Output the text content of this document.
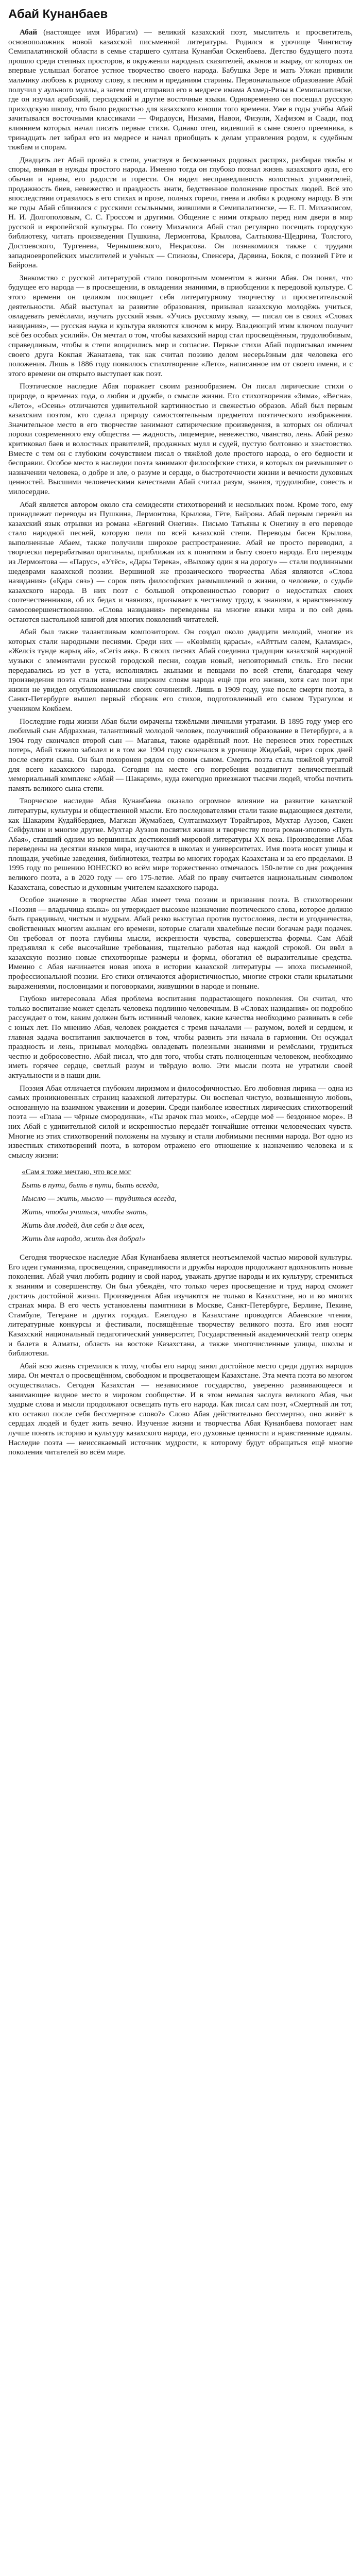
Абай Кунанбаев

Абай (настоящее имя Ибрагим) — великий казахский поэт, мыслитель и просветитель, основоположник новой казахской письменной литературы. Родился в урочище Чингистау Семипалатинской области в семье старшего султана Кунанбая Оскенбаева. Детство будущего поэта прошло среди степных просторов, в окружении народных сказителей, акынов и жырау, от которых он впервые услышал богатое устное творчество своего народа. Бабушка Зере и мать Улжан привили мальчику любовь к родному слову, к песням и преданиям старины. Первоначальное образование Абай получил у аульного муллы, а затем отец отправил его в медресе имама Ахмед-Ризы в Семипалатинске, где он изучал арабский, персидский и другие восточные языки. Одновременно он посещал русскую приходскую школу, что было редкостью для казахского юноши того времени. Уже в годы учёбы Абай зачитывался восточными классиками — Фирдоуси, Низами, Навои, Физули, Хафизом и Саади, под влиянием которых начал писать первые стихи. Однако отец, видевший в сыне своего преемника, в тринадцать лет забрал его из медресе и начал приобщать к делам управления родом, к судебным тяжбам и спорам.

Двадцать лет Абай провёл в степи, участвуя в бесконечных родовых распрях, разбирая тяжбы и споры, вникая в нужды простого народа. Именно тогда он глубоко познал жизнь казахского аула, его обычаи и нравы, его радости и горести. Он видел несправедливость волостных управителей, продажность биев, невежество и праздность знати, бедственное положение простых людей. Всё это впоследствии отразилось в его стихах и прозе, полных горечи, гнева и любви к родному народу. В эти же годы Абай сблизился с русскими ссыльными, жившими в Семипалатинске, — Е. П. Михаэлисом, Н. И. Долгополовым, С. С. Гроссом и другими. Общение с ними открыло перед ним двери в мир русской и европейской культуры. По совету Михаэлиса Абай стал регулярно посещать городскую библиотеку, читать произведения Пушкина, Лермонтова, Крылова, Салтыкова-Щедрина, Толстого, Достоевского, Тургенева, Чернышевского, Некрасова. Он познакомился также с трудами западноевропейских мыслителей и учёных — Спинозы, Спенсера, Дарвина, Бокля, с поэзией Гёте и Байрона.

Знакомство с русской литературой стало поворотным моментом в жизни Абая. Он понял, что будущее его народа — в просвещении, в овладении знаниями, в приобщении к передовой культуре. С этого времени он целиком посвящает себя литературному творчеству и просветительской деятельности. Абай выступал за развитие образования, призывал казахскую молодёжь учиться, овладевать ремёслами, изучать русский язык. «Учись русскому языку, — писал он в своих «Словах назидания», — русская наука и культура являются ключом к миру. Владеющий этим ключом получит всё без особых усилий». Он мечтал о том, чтобы казахский народ стал просвещённым, трудолюбивым, справедливым, чтобы в степи воцарились мир и согласие. Первые стихи Абай подписывал именем своего друга Кокпая Жанатаева, так как считал поэзию делом несерьёзным для человека его положения. Лишь в 1886 году появилось стихотворение «Лето», написанное им от своего имени, и с этого времени он открыто выступает как поэт.

Поэтическое наследие Абая поражает своим разнообразием. Он писал лирические стихи о природе, о временах года, о любви и дружбе, о смысле жизни. Его стихотворения «Зима», «Весна», «Лето», «Осень» отличаются удивительной картинностью и свежестью образов. Абай был первым казахским поэтом, кто сделал природу самостоятельным предметом поэтического изображения. Значительное место в его творчестве занимают сатирические произведения, в которых он обличал пороки современного ему общества — жадность, лицемерие, невежество, чванство, лень. Абай резко критиковал баев и волостных правителей, продажных мулл и судей, пустую болтовню и хвастовство. Вместе с тем он с глубоким сочувствием писал о тяжёлой доле простого народа, о его бедности и бесправии. Особое место в наследии поэта занимают философские стихи, в которых он размышляет о назначении человека, о добре и зле, о разуме и сердце, о быстротечности жизни и вечности духовных ценностей. Высшими человеческими качествами Абай считал разум, знания, трудолюбие, совесть и милосердие.

Абай является автором около ста семидесяти стихотворений и нескольких поэм. Кроме того, ему принадлежат переводы из Пушкина, Лермонтова, Крылова, Гёте, Байрона. Абай первым перевёл на казахский язык отрывки из романа «Евгений Онегин». Письмо Татьяны к Онегину в его переводе стало народной песней, которую пели по всей казахской степи. Переводы басен Крылова, выполненные Абаем, также получили широкое распространение. Абай не просто переводил, а творчески перерабатывал оригиналы, приближая их к понятиям и быту своего народа. Его переводы из Лермонтова — «Парус», «Утёс», «Дары Терека», «Выхожу один я на дорогу» — стали подлинными шедеврами казахской поэзии. Вершиной же прозаического творчества Абая являются «Слова назидания» («Қара сөз») — сорок пять философских размышлений о жизни, о человеке, о судьбе казахского народа. В них поэт с большой откровенностью говорит о недостатках своих соотечественников, об их бедах и чаяниях, призывает к честному труду, к знаниям, к нравственному самосовершенствованию. «Слова назидания» переведены на многие языки мира и по сей день остаются настольной книгой для многих поколений читателей.

Абай был также талантливым композитором. Он создал около двадцати мелодий, многие из которых стали народными песнями. Среди них — «Көзімнің қарасы», «Айттым сәлем, Қаламқас», «Желсіз түнде жарық ай», «Сегіз аяқ». В своих песнях Абай соединил традиции казахской народной музыки с элементами русской городской песни, создав новый, неповторимый стиль. Его песни передавались из уст в уста, исполнялись акынами и певцами по всей степи, благодаря чему произведения поэта стали известны широким слоям народа ещё при его жизни, хотя сам поэт при жизни не увидел опубликованными своих сочинений. Лишь в 1909 году, уже после смерти поэта, в Санкт-Петербурге вышел первый сборник его стихов, подготовленный его сыном Турагулом и учеником Кокбаем.

Последние годы жизни Абая были омрачены тяжёлыми личными утратами. В 1895 году умер его любимый сын Абдрахман, талантливый молодой человек, получивший образование в Петербурге, а в 1904 году скончался второй сын — Магавья, также одарённый поэт. Не перенеся этих горестных потерь, Абай тяжело заболел и в том же 1904 году скончался в урочище Жидебай, через сорок дней после смерти сына. Он был похоронен рядом со своим сыном. Смерть поэта стала тяжёлой утратой для всего казахского народа. Сегодня на месте его погребения воздвигнут величественный мемориальный комплекс «Абай — Шакарим», куда ежегодно приезжают тысячи людей, чтобы почтить память великого сына степи.

Творческое наследие Абая Кунанбаева оказало огромное влияние на развитие казахской литературы, культуры и общественной мысли. Его последователями стали такие выдающиеся деятели, как Шакарим Кудайбердиев, Магжан Жумабаев, Султанмахмут Торайгыров, Мухтар Ауэзов, Сакен Сейфуллин и многие другие. Мухтар Ауэзов посвятил жизни и творчеству поэта роман-эпопею «Путь Абая», ставший одним из вершинных достижений мировой литературы XX века. Произведения Абая переведены на десятки языков мира, изучаются в школах и университетах. Имя поэта носят улицы и площади, учебные заведения, библиотеки, театры во многих городах Казахстана и за его пределами. В 1995 году по решению ЮНЕСКО во всём мире торжественно отмечалось 150-летие со дня рождения великого поэта, а в 2020 году — его 175-летие. Абай по праву считается национальным символом Казахстана, совестью и духовным учителем казахского народа.

Особое значение в творчестве Абая имеет тема поэзии и призвания поэта. В стихотворении «Поэзия — владычица языка» он утверждает высокое назначение поэтического слова, которое должно быть правдивым, чистым и мудрым. Абай резко выступал против пустословия, лести и угодничества, свойственных многим акынам его времени, которые слагали хвалебные песни богачам ради подачек. Он требовал от поэта глубины мысли, искренности чувства, совершенства формы. Сам Абай предъявлял к себе высочайшие требования, тщательно работая над каждой строкой. Он ввёл в казахскую поэзию новые стихотворные размеры и формы, обогатил её выразительные средства. Именно с Абая начинается новая эпоха в истории казахской литературы — эпоха письменной, профессиональной поэзии. Его стихи отличаются афористичностью, многие строки стали крылатыми выражениями, пословицами и поговорками, живущими в народе и поныне.

Глубоко интересовала Абая проблема воспитания подрастающего поколения. Он считал, что только воспитание может сделать человека подлинно человечным. В «Словах назидания» он подробно рассуждает о том, каким должен быть истинный человек, какие качества необходимо развивать в себе с юных лет. По мнению Абая, человек рождается с тремя началами — разумом, волей и сердцем, и главная задача воспитания заключается в том, чтобы развить эти начала в гармонии. Он осуждал праздность и лень, призывал молодёжь овладевать полезными знаниями и ремёслами, трудиться честно и добросовестно. Абай писал, что для того, чтобы стать полноценным человеком, необходимо иметь горячее сердце, светлый разум и твёрдую волю. Эти мысли поэта не утратили своей актуальности и в наши дни.

Поэзия Абая отличается глубоким лиризмом и философичностью. Его любовная лирика — одна из самых проникновенных страниц казахской литературы. Он воспевал чистую, возвышенную любовь, основанную на взаимном уважении и доверии. Среди наиболее известных лирических стихотворений поэта — «Глаза — чёрные смородинки», «Ты зрачок глаз моих», «Сердце моё — бездонное море». В них Абай с удивительной силой и искренностью передаёт тончайшие оттенки человеческих чувств. Многие из этих стихотворений положены на музыку и стали любимыми песнями народа. Вот одно из известных стихотворений поэта, в котором отражено его отношение к назначению человека и к смыслу жизни:

«Сам я тоже мечтаю, что все мог
Быть в пути, быть в пути, быть всегда,
Мыслю — жить, мыслю — трудиться всегда,
Жить, чтобы учиться, чтобы знать,
Жить для людей, для себя и для всех,
Жить для народа, жить для добра!»

Сегодня творческое наследие Абая Кунанбаева является неотъемлемой частью мировой культуры. Его идеи гуманизма, просвещения, справедливости и дружбы народов продолжают вдохновлять новые поколения. Абай учил любить родину и свой народ, уважать другие народы и их культуру, стремиться к знаниям и совершенству. Он был убеждён, что только через просвещение и труд народ сможет достичь достойной жизни. Произведения Абая изучаются не только в Казахстане, но и во многих странах мира. В его честь установлены памятники в Москве, Санкт-Петербурге, Берлине, Пекине, Стамбуле, Тегеране и других городах. Ежегодно в Казахстане проводятся Абаевские чтения, литературные конкурсы и фестивали, посвящённые творчеству великого поэта. Его имя носят Казахский национальный педагогический университет, Государственный академический театр оперы и балета в Алматы, область на востоке Казахстана, а также многочисленные улицы, школы и библиотеки.

Абай всю жизнь стремился к тому, чтобы его народ занял достойное место среди других народов мира. Он мечтал о просвещённом, свободном и процветающем Казахстане. Эта мечта поэта во многом осуществилась. Сегодня Казахстан — независимое государство, уверенно развивающееся и занимающее видное место в мировом сообществе. И в этом немалая заслуга великого Абая, чьи мудрые слова и мысли продолжают освещать путь его народа. Как писал сам поэт, «Смертный ли тот, кто оставил после себя бессмертное слово?» Слово Абая действительно бессмертно, оно живёт в сердцах людей и будет жить вечно. Изучение жизни и творчества Абая Кунанбаева помогает нам лучше понять историю и культуру казахского народа, его духовные ценности и нравственные идеалы. Наследие поэта — неиссякаемый источник мудрости, к которому будут обращаться ещё многие поколения читателей во всём мире.
